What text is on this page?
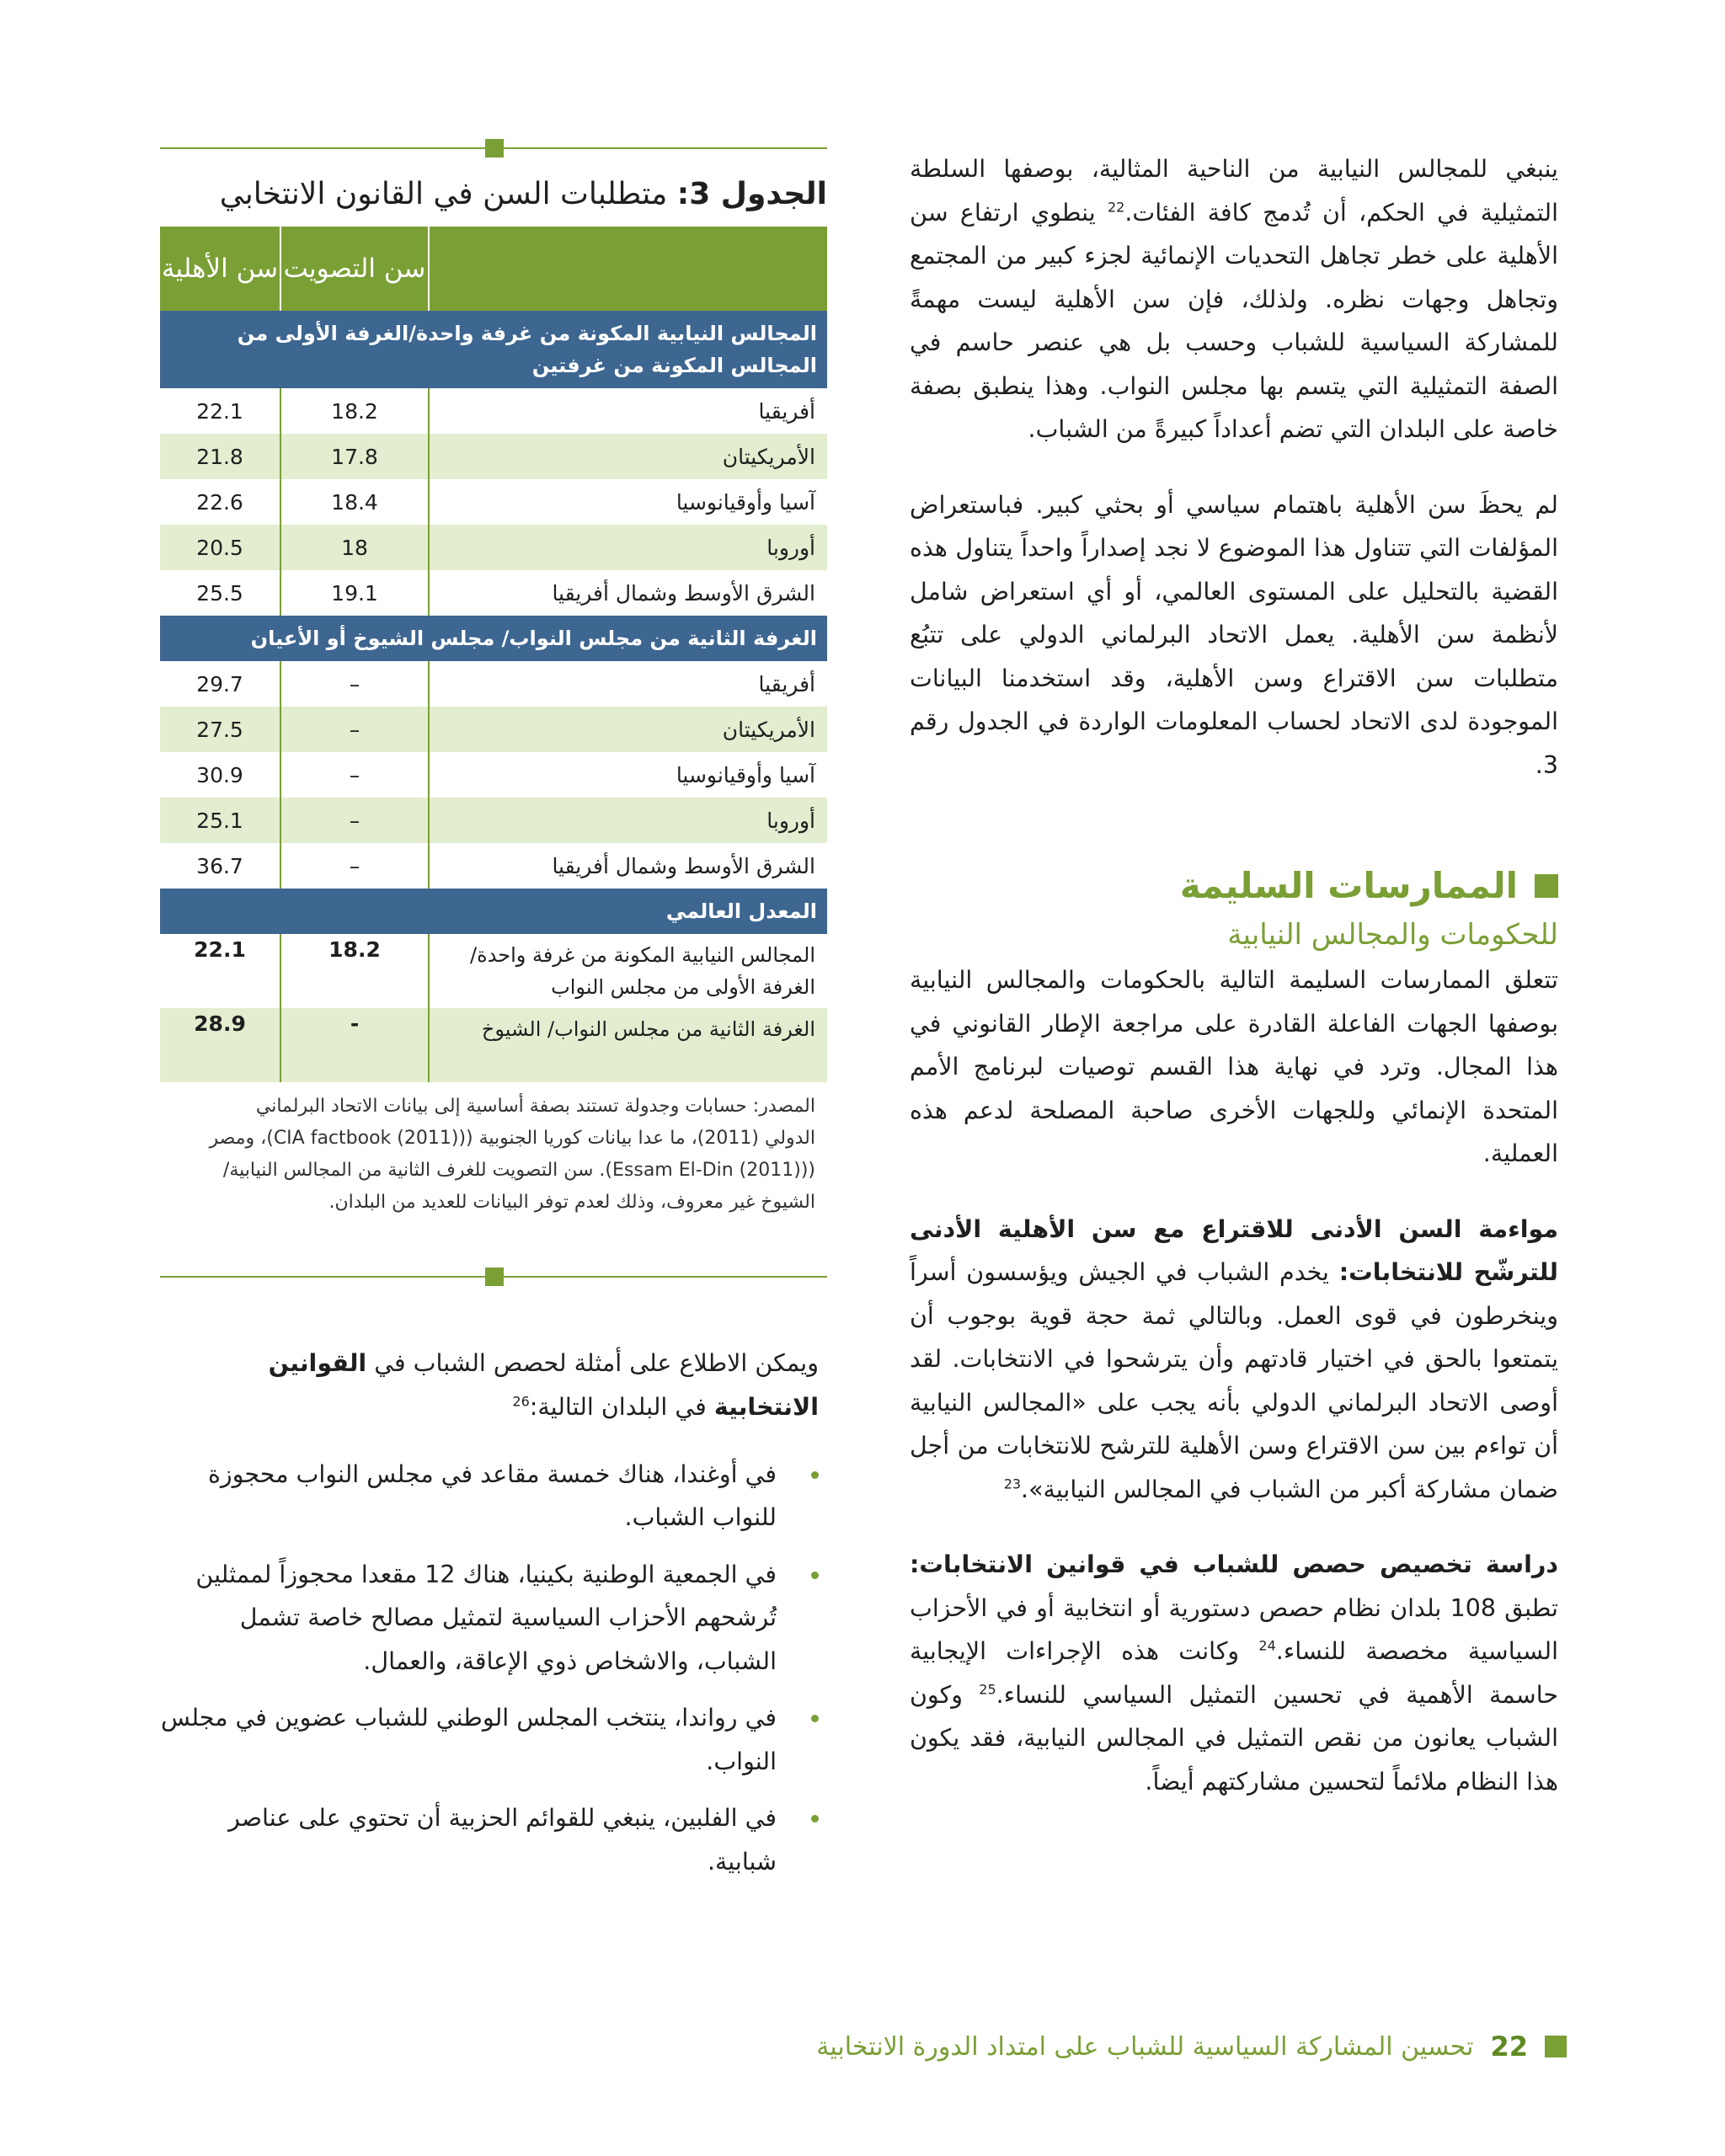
ينبغي للمجالس النيابية من الناحية المثالية، بوصفها السلطة التمثيلية في الحكم، أن تُدمج كافة الفئات.$^{22}$ ينطوي ارتفاع سن الأهلية على خطر تجاهل التحديات الإنمائية لجزء كبير من المجتمع وتجاهل وجهات نظره. ولذلك، فإن سن الأهلية ليست مهمةً للمشاركة السياسية للشباب وحسب بل هي عنصر حاسم في الصفة التمثيلية التي يتسم بها مجلس النواب. وهذا ينطبق بصفة خاصة على البلدان التي تضم أعداداً كبيرةً من الشباب.

لم يحظَ سن الأهلية باهتمام سياسي أو بحثي كبير. فباستعراض المؤلفات التي تتناول هذا الموضوع لا نجد إصداراً واحداً يتناول هذه القضية بالتحليل على المستوى العالمي، أو أي استعراض شامل لأنظمة سن الأهلية. يعمل الاتحاد البرلماني الدولي على تتبُع متطلبات سن الاقتراع وسن الأهلية، وقد استخدمنا البيانات الموجودة لدى الاتحاد لحساب المعلومات الواردة في الجدول رقم 3.

الممارسات السليمة

للحكومات والمجالس النيابية

تتعلق الممارسات السليمة التالية بالحكومات والمجالس النيابية بوصفها الجهات الفاعلة القادرة على مراجعة الإطار القانوني في هذا المجال. وترد في نهاية هذا القسم توصيات لبرنامج الأمم المتحدة الإنمائي وللجهات الأخرى صاحبة المصلحة لدعم هذه العملية.

مواءمة السن الأدنى للاقتراع مع سن الأهلية الأدنى للترشّح للانتخابات: يخدم الشباب في الجيش ويؤسسون أسراً وينخرطون في قوى العمل. وبالتالي ثمة حجة قوية بوجوب أن يتمتعوا بالحق في اختيار قادتهم وأن يترشحوا في الانتخابات. لقد أوصى الاتحاد البرلماني الدولي بأنه يجب على «المجالس النيابية أن تواءم بين سن الاقتراع وسن الأهلية للترشح للانتخابات من أجل ضمان مشاركة أكبر من الشباب في المجالس النيابية».$^{23}$

دراسة تخصيص حصص للشباب في قوانين الانتخابات: تطبق 108 بلدان نظام حصص دستورية أو انتخابية أو في الأحزاب السياسية مخصصة للنساء.$^{24}$ وكانت هذه الإجراءات الإيجابية حاسمة الأهمية في تحسين التمثيل السياسي للنساء.$^{25}$ وكون الشباب يعانون من نقص التمثيل في المجالس النيابية، فقد يكون هذا النظام ملائماً لتحسين مشاركتهم أيضاً.

الجدول 3: متطلبات السن في القانون الانتخابي
سن التصويت
سن الأهلية
المجالس النيابية المكونة من غرفة واحدة/الغرفة الأولى من المجالس المكونة من غرفتين
أفريقيا
18.2
22.1
الأمريكيتان
17.8
21.8
آسيا وأوقيانوسيا
18.4
22.6
أوروبا
18
20.5
الشرق الأوسط وشمال أفريقيا
19.1
25.5
الغرفة الثانية من مجلس النواب/ مجلس الشيوخ أو الأعيان
أفريقيا
–
29.7
الأمريكيتان
–
27.5
آسيا وأوقيانوسيا
–
30.9
أوروبا
–
25.1
الشرق الأوسط وشمال أفريقيا
–
36.7
المعدل العالمي
المجالس النيابية المكونة من غرفة واحدة/الغرفة الأولى من مجلس النواب
18.2
22.1
الغرفة الثانية من مجلس النواب/ الشيوخ
-
28.9
المصدر: حسابات وجدولة تستند بصفة أساسية إلى بيانات الاتحاد البرلماني الدولي (2011)، ما عدا بيانات كوريا الجنوبية ((CIA factbook (2011))، ومصر ((Essam El-Din (2011)). سن التصويت للغرف الثانية من المجالس النيابية/ الشيوخ غير معروف، وذلك لعدم توفر البيانات للعديد من البلدان.

ويمكن الاطلاع على أمثلة لحصص الشباب في القوانين الانتخابية في البلدان التالية:$^{26}$

في أوغندا، هناك خمسة مقاعد في مجلس النواب محجوزة للنواب الشباب.
في الجمعية الوطنية بكينيا، هناك 12 مقعدا محجوزاً لممثلين تُرشحهم الأحزاب السياسية لتمثيل مصالح خاصة تشمل الشباب، والاشخاص ذوي الإعاقة، والعمال.
في رواندا، ينتخب المجلس الوطني للشباب عضوين في مجلس النواب.
في الفلبين، ينبغي للقوائم الحزبية أن تحتوي على عناصر شبابية.
22
تحسين المشاركة السياسية للشباب على امتداد الدورة الانتخابية
